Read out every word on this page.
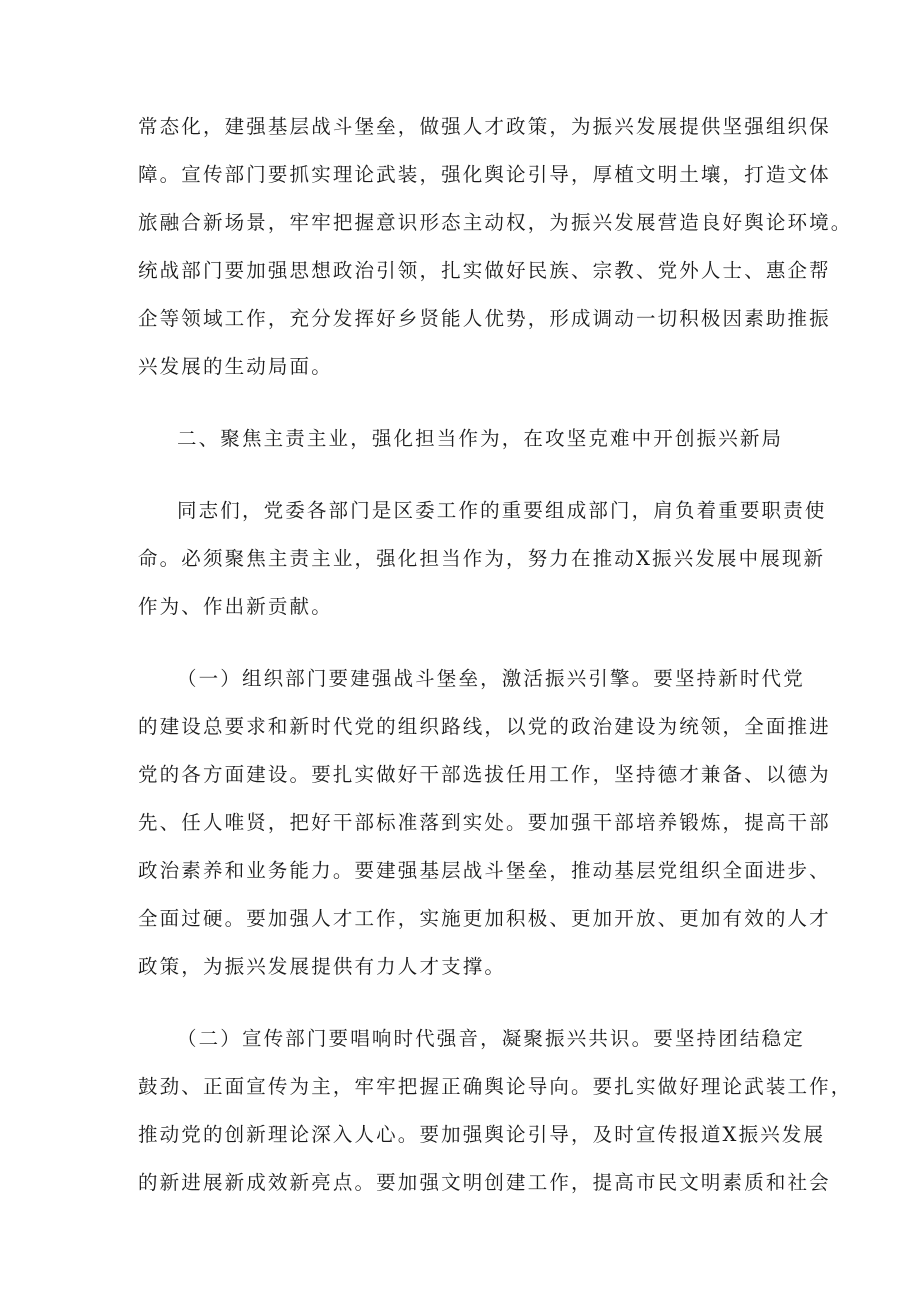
常态化，建强基层战斗堡垒，做强人才政策，为振兴发展提供坚强组织保
障。宣传部门要抓实理论武装，强化舆论引导，厚植文明土壤，打造文体
旅融合新场景，牢牢把握意识形态主动权，为振兴发展营造良好舆论环境。
统战部门要加强思想政治引领，扎实做好民族、宗教、党外人士、惠企帮
企等领域工作，充分发挥好乡贤能人优势，形成调动一切积极因素助推振
兴发展的生动局面。
二、聚焦主责主业，强化担当作为，在攻坚克难中开创振兴新局
同志们，党委各部门是区委工作的重要组成部门，肩负着重要职责使
命。必须聚焦主责主业，强化担当作为，努力在推动X振兴发展中展现新
作为、作出新贡献。
（一）组织部门要建强战斗堡垒，激活振兴引擎。要坚持新时代党
的建设总要求和新时代党的组织路线，以党的政治建设为统领，全面推进
党的各方面建设。要扎实做好干部选拔任用工作，坚持德才兼备、以德为
先、任人唯贤，把好干部标准落到实处。要加强干部培养锻炼，提高干部
政治素养和业务能力。要建强基层战斗堡垒，推动基层党组织全面进步、
全面过硬。要加强人才工作，实施更加积极、更加开放、更加有效的人才
政策，为振兴发展提供有力人才支撑。
（二）宣传部门要唱响时代强音，凝聚振兴共识。要坚持团结稳定
鼓劲、正面宣传为主，牢牢把握正确舆论导向。要扎实做好理论武装工作，
推动党的创新理论深入人心。要加强舆论引导，及时宣传报道X振兴发展
的新进展新成效新亮点。要加强文明创建工作，提高市民文明素质和社会
